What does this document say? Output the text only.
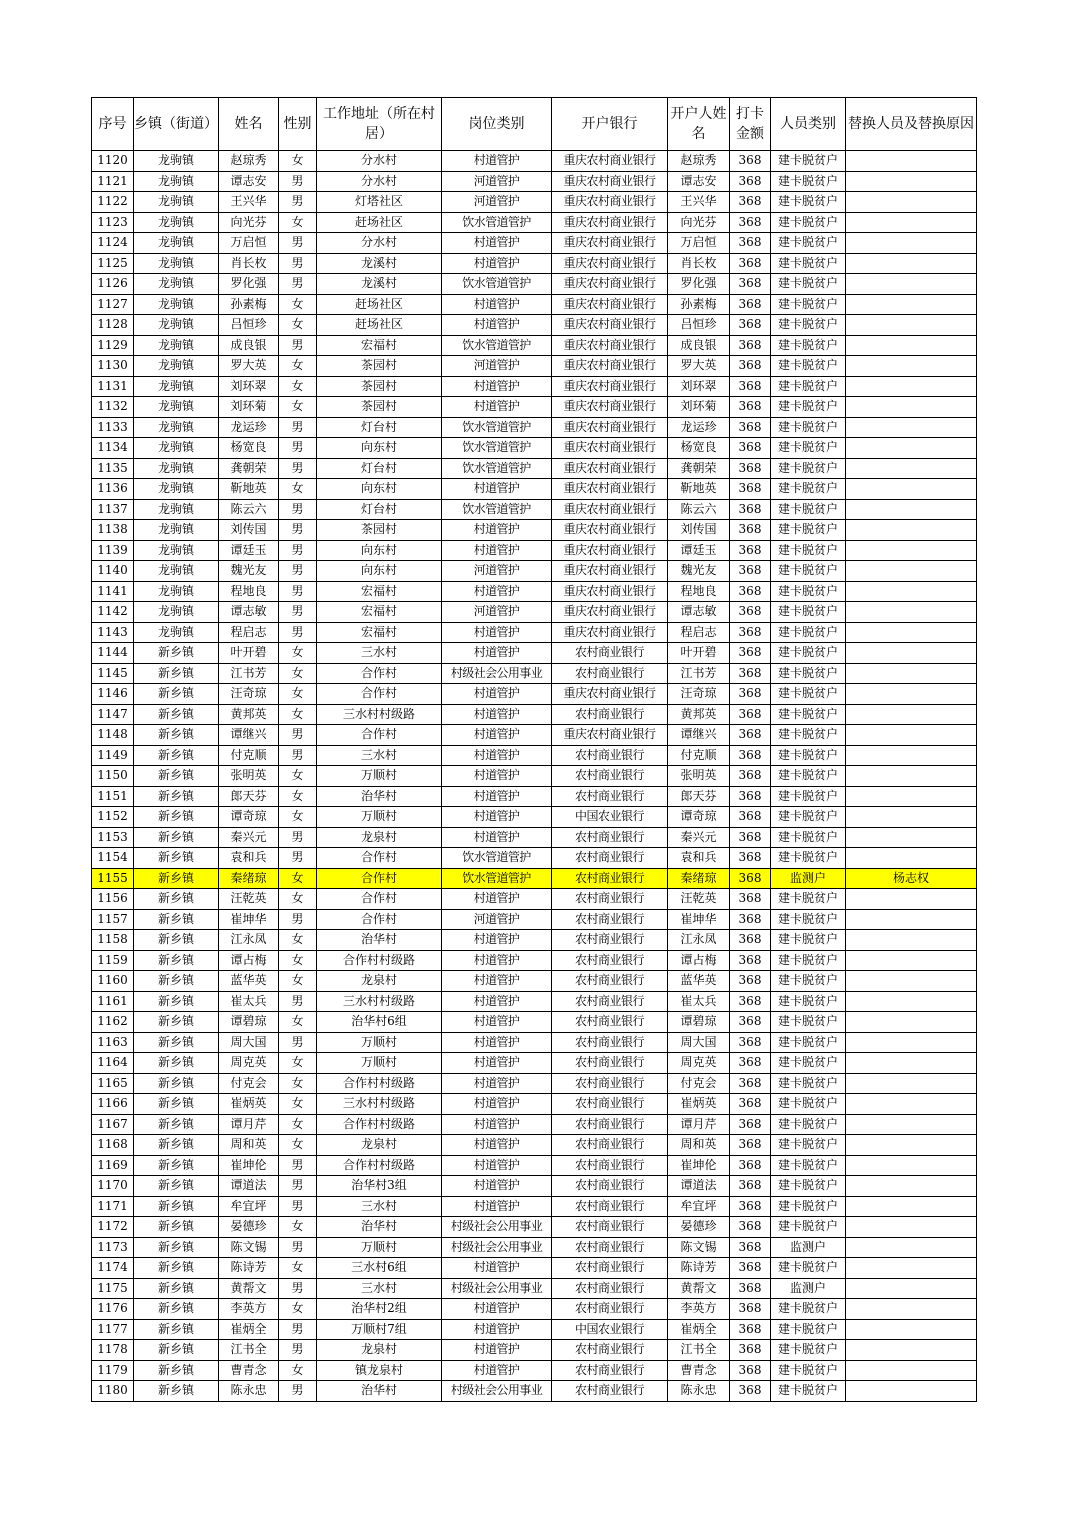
序号	乡镇（街道）	姓名	性别	工作地址（所在村居）	岗位类别	开户银行	开户人姓名	打卡金额	人员类别	替换人员及替换原因
1120	龙驹镇	赵琼秀	女	分水村	村道管护	重庆农村商业银行	赵琼秀	368	建卡脱贫户	
1121	龙驹镇	谭志安	男	分水村	河道管护	重庆农村商业银行	谭志安	368	建卡脱贫户	
1122	龙驹镇	王兴华	男	灯塔社区	河道管护	重庆农村商业银行	王兴华	368	建卡脱贫户	
1123	龙驹镇	向光芬	女	赶场社区	饮水管道管护	重庆农村商业银行	向光芬	368	建卡脱贫户	
1124	龙驹镇	万启恒	男	分水村	村道管护	重庆农村商业银行	万启恒	368	建卡脱贫户	
1125	龙驹镇	肖长枚	男	龙溪村	村道管护	重庆农村商业银行	肖长枚	368	建卡脱贫户	
1126	龙驹镇	罗化强	男	龙溪村	饮水管道管护	重庆农村商业银行	罗化强	368	建卡脱贫户	
1127	龙驹镇	孙素梅	女	赶场社区	村道管护	重庆农村商业银行	孙素梅	368	建卡脱贫户	
1128	龙驹镇	吕恒珍	女	赶场社区	村道管护	重庆农村商业银行	吕恒珍	368	建卡脱贫户	
1129	龙驹镇	成良银	男	宏福村	饮水管道管护	重庆农村商业银行	成良银	368	建卡脱贫户	
1130	龙驹镇	罗大英	女	茶园村	河道管护	重庆农村商业银行	罗大英	368	建卡脱贫户	
1131	龙驹镇	刘环翠	女	茶园村	村道管护	重庆农村商业银行	刘环翠	368	建卡脱贫户	
1132	龙驹镇	刘环菊	女	茶园村	村道管护	重庆农村商业银行	刘环菊	368	建卡脱贫户	
1133	龙驹镇	龙运珍	男	灯台村	饮水管道管护	重庆农村商业银行	龙运珍	368	建卡脱贫户	
1134	龙驹镇	杨宽良	男	向东村	饮水管道管护	重庆农村商业银行	杨宽良	368	建卡脱贫户	
1135	龙驹镇	龚朝荣	男	灯台村	饮水管道管护	重庆农村商业银行	龚朝荣	368	建卡脱贫户	
1136	龙驹镇	靳地英	女	向东村	村道管护	重庆农村商业银行	靳地英	368	建卡脱贫户	
1137	龙驹镇	陈云六	男	灯台村	饮水管道管护	重庆农村商业银行	陈云六	368	建卡脱贫户	
1138	龙驹镇	刘传国	男	茶园村	村道管护	重庆农村商业银行	刘传国	368	建卡脱贫户	
1139	龙驹镇	谭廷玉	男	向东村	村道管护	重庆农村商业银行	谭廷玉	368	建卡脱贫户	
1140	龙驹镇	魏光友	男	向东村	河道管护	重庆农村商业银行	魏光友	368	建卡脱贫户	
1141	龙驹镇	程地良	男	宏福村	村道管护	重庆农村商业银行	程地良	368	建卡脱贫户	
1142	龙驹镇	谭志敏	男	宏福村	河道管护	重庆农村商业银行	谭志敏	368	建卡脱贫户	
1143	龙驹镇	程启志	男	宏福村	村道管护	重庆农村商业银行	程启志	368	建卡脱贫户	
1144	新乡镇	叶开碧	女	三水村	村道管护	农村商业银行	叶开碧	368	建卡脱贫户	
1145	新乡镇	江书芳	女	合作村	村级社会公用事业	农村商业银行	江书芳	368	建卡脱贫户	
1146	新乡镇	汪奇琼	女	合作村	村道管护	重庆农村商业银行	汪奇琼	368	建卡脱贫户	
1147	新乡镇	黄邦英	女	三水村村级路	村道管护	农村商业银行	黄邦英	368	建卡脱贫户	
1148	新乡镇	谭继兴	男	合作村	村道管护	重庆农村商业银行	谭继兴	368	建卡脱贫户	
1149	新乡镇	付克顺	男	三水村	村道管护	农村商业银行	付克顺	368	建卡脱贫户	
1150	新乡镇	张明英	女	万顺村	村道管护	农村商业银行	张明英	368	建卡脱贫户	
1151	新乡镇	郎天芬	女	治华村	村道管护	农村商业银行	郎天芬	368	建卡脱贫户	
1152	新乡镇	谭奇琼	女	万顺村	村道管护	中国农业银行	谭奇琼	368	建卡脱贫户	
1153	新乡镇	秦兴元	男	龙泉村	村道管护	农村商业银行	秦兴元	368	建卡脱贫户	
1154	新乡镇	袁和兵	男	合作村	饮水管道管护	农村商业银行	袁和兵	368	建卡脱贫户	
1155	新乡镇	秦绪琼	女	合作村	饮水管道管护	农村商业银行	秦绪琼	368	监测户	杨志权
1156	新乡镇	汪乾英	女	合作村	村道管护	农村商业银行	汪乾英	368	建卡脱贫户	
1157	新乡镇	崔坤华	男	合作村	河道管护	农村商业银行	崔坤华	368	建卡脱贫户	
1158	新乡镇	江永凤	女	治华村	村道管护	农村商业银行	江永凤	368	建卡脱贫户	
1159	新乡镇	谭占梅	女	合作村村级路	村道管护	农村商业银行	谭占梅	368	建卡脱贫户	
1160	新乡镇	蓝华英	女	龙泉村	村道管护	农村商业银行	蓝华英	368	建卡脱贫户	
1161	新乡镇	崔太兵	男	三水村村级路	村道管护	农村商业银行	崔太兵	368	建卡脱贫户	
1162	新乡镇	谭碧琼	女	治华村6组	村道管护	农村商业银行	谭碧琼	368	建卡脱贫户	
1163	新乡镇	周大国	男	万顺村	村道管护	农村商业银行	周大国	368	建卡脱贫户	
1164	新乡镇	周克英	女	万顺村	村道管护	农村商业银行	周克英	368	建卡脱贫户	
1165	新乡镇	付克会	女	合作村村级路	村道管护	农村商业银行	付克会	368	建卡脱贫户	
1166	新乡镇	崔炳英	女	三水村村级路	村道管护	农村商业银行	崔炳英	368	建卡脱贫户	
1167	新乡镇	谭月芹	女	合作村村级路	村道管护	农村商业银行	谭月芹	368	建卡脱贫户	
1168	新乡镇	周和英	女	龙泉村	村道管护	农村商业银行	周和英	368	建卡脱贫户	
1169	新乡镇	崔坤伦	男	合作村村级路	村道管护	农村商业银行	崔坤伦	368	建卡脱贫户	
1170	新乡镇	谭道法	男	治华村3组	村道管护	农村商业银行	谭道法	368	建卡脱贫户	
1171	新乡镇	牟宜坪	男	三水村	村道管护	农村商业银行	牟宜坪	368	建卡脱贫户	
1172	新乡镇	晏德珍	女	治华村	村级社会公用事业	农村商业银行	晏德珍	368	建卡脱贫户	
1173	新乡镇	陈文锡	男	万顺村	村级社会公用事业	农村商业银行	陈文锡	368	监测户	
1174	新乡镇	陈诗芳	女	三水村6组	村道管护	农村商业银行	陈诗芳	368	建卡脱贫户	
1175	新乡镇	黄帮文	男	三水村	村级社会公用事业	农村商业银行	黄帮文	368	监测户	
1176	新乡镇	李英方	女	治华村2组	村道管护	农村商业银行	李英方	368	建卡脱贫户	
1177	新乡镇	崔炳全	男	万顺村7组	村道管护	中国农业银行	崔炳全	368	建卡脱贫户	
1178	新乡镇	江书全	男	龙泉村	村道管护	农村商业银行	江书全	368	建卡脱贫户	
1179	新乡镇	曹青念	女	镇龙泉村	村道管护	农村商业银行	曹青念	368	建卡脱贫户	
1180	新乡镇	陈永忠	男	治华村	村级社会公用事业	农村商业银行	陈永忠	368	建卡脱贫户	
